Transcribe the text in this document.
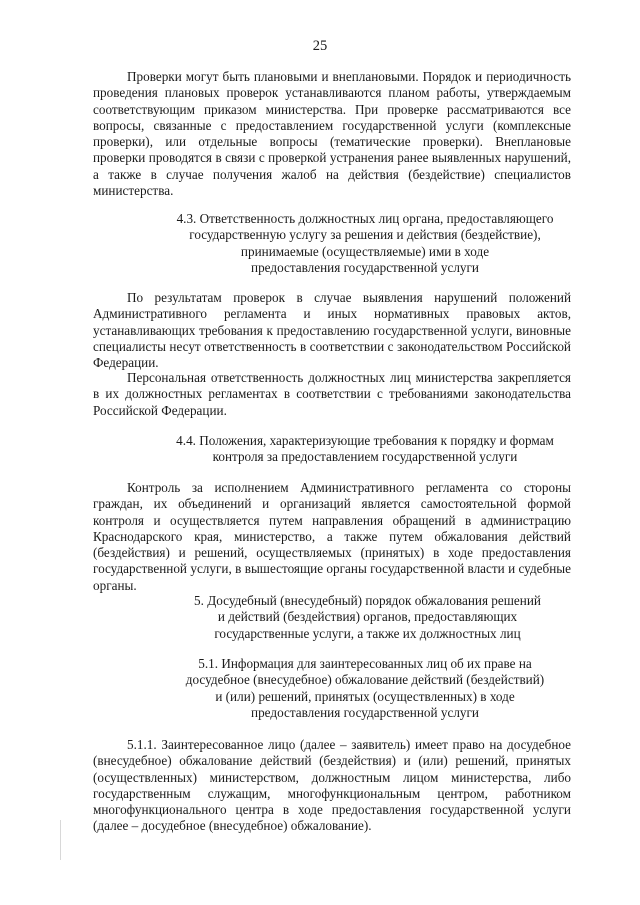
25

Проверки могут быть плановыми и внеплановыми. Порядок и периодичность проведения плановых проверок устанавливаются планом работы, утверждаемым соответствующим приказом министерства. При проверке рассматриваются все вопросы, связанные с предоставлением государственной услуги (комплексные проверки), или отдельные вопросы (тематические проверки). Внеплановые проверки проводятся в связи с проверкой устранения ранее выявленных нарушений, а также в случае получения жалоб на действия (бездействие) специалистов министерства.

4.3. Ответственность должностных лиц органа, предоставляющего
государственную услугу за решения и действия (бездействие),
принимаемые (осуществляемые) ими в ходе
предоставления государственной услуги

По результатам проверок в случае выявления нарушений положений Административного регламента и иных нормативных правовых актов, устанавливающих требования к предоставлению государственной услуги, виновные специалисты несут ответственность в соответствии с законодательством Российской Федерации.

Персональная ответственность должностных лиц министерства закрепляется в их должностных регламентах в соответствии с требованиями законодательства Российской Федерации.

4.4. Положения, характеризующие требования к порядку и формам
контроля за предоставлением государственной услуги

Контроль за исполнением Административного регламента со стороны граждан, их объединений и организаций является самостоятельной формой контроля и осуществляется путем направления обращений в администрацию Краснодарского края, министерство, а также путем обжалования действий (бездействия) и решений, осуществляемых (принятых) в ходе предоставления государственной услуги, в вышестоящие органы государственной власти и судебные органы.

5. Досудебный (внесудебный) порядок обжалования решений
и действий (бездействия) органов, предоставляющих
государственные услуги, а также их должностных лиц
5.1. Информация для заинтересованных лиц об их праве на
досудебное (внесудебное) обжалование действий (бездействий)
и (или) решений, принятых (осуществленных) в ходе
предоставления государственной услуги

5.1.1. Заинтересованное лицо (далее – заявитель) имеет право на досудебное (внесудебное) обжалование действий (бездействия) и (или) решений, принятых (осуществленных) министерством, должностным лицом министерства, либо государственным служащим, многофункциональным центром, работником многофункционального центра в ходе предоставления государственной услуги (далее – досудебное (внесудебное) обжалование).
